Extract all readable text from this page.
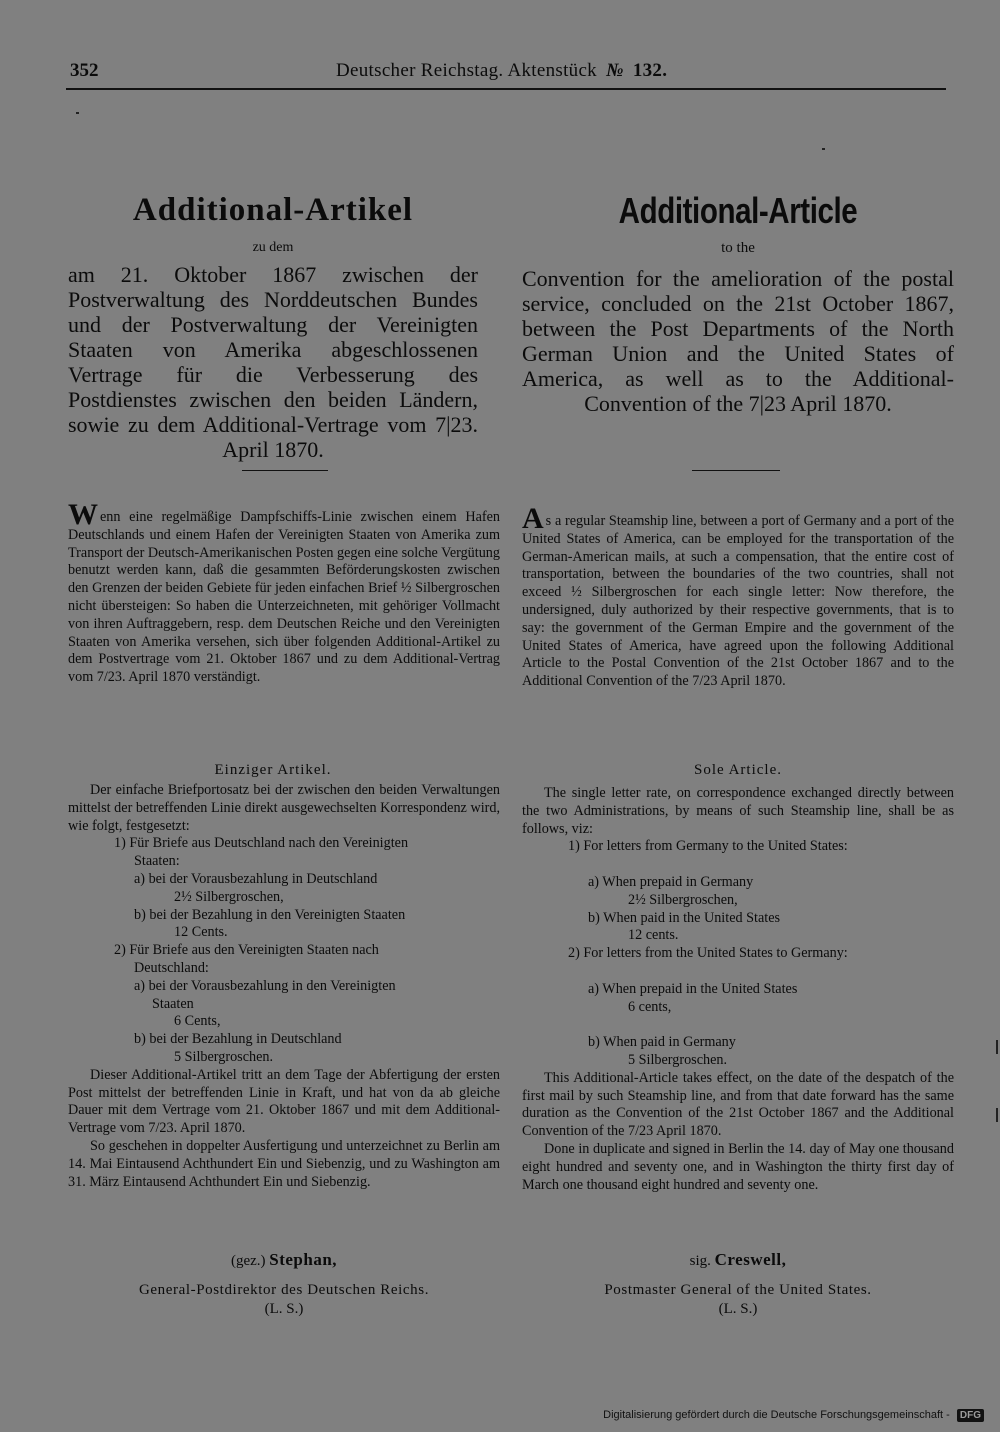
352	Deutscher Reichstag. Aktenstück № 132.
Additional-Artikel
zu dem
am 21. Oktober 1867 zwischen der Postverwaltung des Norddeutschen Bundes und der Postverwaltung der Vereinigten Staaten von Amerika abgeschlossenen Vertrage für die Verbesserung des Postdienstes zwischen den beiden Ländern, sowie zu dem Additional-Vertrage vom 7|23. April 1870.
Wenn eine regelmäßige Dampfschiffs-Linie zwischen einem Hafen Deutschlands und einem Hafen der Vereinigten Staaten von Amerika zum Transport der Deutsch-Amerikanischen Posten gegen eine solche Vergütung benutzt werden kann, daß die gesammten Beförderungskosten zwischen den Grenzen der beiden Gebiete für jeden einfachen Brief ½ Silbergroschen nicht übersteigen: So haben die Unterzeichneten, mit gehöriger Vollmacht von ihren Auftraggebern, resp. dem Deutschen Reiche und den Vereinigten Staaten von Amerika versehen, sich über folgenden Additional-Artikel zu dem Postvertrage vom 21. Oktober 1867 und zu dem Additional-Vertrag vom 7/23. April 1870 verständigt.
Einziger Artikel.

Der einfache Briefportosatz bei der zwischen den beiden Verwaltungen mittelst der betreffenden Linie direkt ausgewechselten Korrespondenz wird, wie folgt, festgesetzt:

1) Für Briefe aus Deutschland nach den Vereinigten
Staaten:
a) bei der Vorausbezahlung in Deutschland
2½ Silbergroschen,
b) bei der Bezahlung in den Vereinigten Staaten
12 Cents.
2) Für Briefe aus den Vereinigten Staaten nach
Deutschland:
a) bei der Vorausbezahlung in den Vereinigten
Staaten
6 Cents,
b) bei der Bezahlung in Deutschland
5 Silbergroschen.

Dieser Additional-Artikel tritt an dem Tage der Abfertigung der ersten Post mittelst der betreffenden Linie in Kraft, und hat von da ab gleiche Dauer mit dem Vertrage vom 21. Oktober 1867 und mit dem Additional-Vertrage vom 7/23. April 1870.

So geschehen in doppelter Ausfertigung und unterzeichnet zu Berlin am 14. Mai Eintausend Achthundert Ein und Siebenzig, und zu Washington am 31. März Eintausend Achthundert Ein und Siebenzig.

(gez.) Stephan,
General-Postdirektor des Deutschen Reichs.
(L. S.)
Additional-Article
to the
Convention for the amelioration of the postal service, concluded on the 21st October 1867, between the Post Departments of the North German Union and the United States of America, as well as to the Additional-Convention of the 7|23 April 1870.
As a regular Steamship line, between a port of Germany and a port of the United States of America, can be employed for the transportation of the German-American mails, at such a compensation, that the entire cost of transportation, between the boundaries of the two countries, shall not exceed ½ Silbergroschen for each single letter: Now therefore, the undersigned, duly authorized by their respective governments, that is to say: the government of the German Empire and the government of the United States of America, have agreed upon the following Additional Article to the Postal Convention of the 21st October 1867 and to the Additional Convention of the 7/23 April 1870.
Sole Article.

The single letter rate, on correspondence exchanged directly between the two Administrations, by means of such Steamship line, shall be as follows, viz:

1) For letters from Germany to the United States:
a) When prepaid in Germany
2½ Silbergroschen,
b) When paid in the United States
12 cents.
2) For letters from the United States to Germany:
a) When prepaid in the United States
6 cents,
b) When paid in Germany
5 Silbergroschen.

This Additional-Article takes effect, on the date of the despatch of the first mail by such Steamship line, and from that date forward has the same duration as the Convention of the 21st October 1867 and the Additional Convention of the 7/23 April 1870.

Done in duplicate and signed in Berlin the 14. day of May one thousand eight hundred and seventy one, and in Washington the thirty first day of March one thousand eight hundred and seventy one.

sig. Creswell,
Postmaster General of the United States.
(L. S.)
Digitalisierung gefördert durch die Deutsche Forschungsgemeinschaft - DFG
